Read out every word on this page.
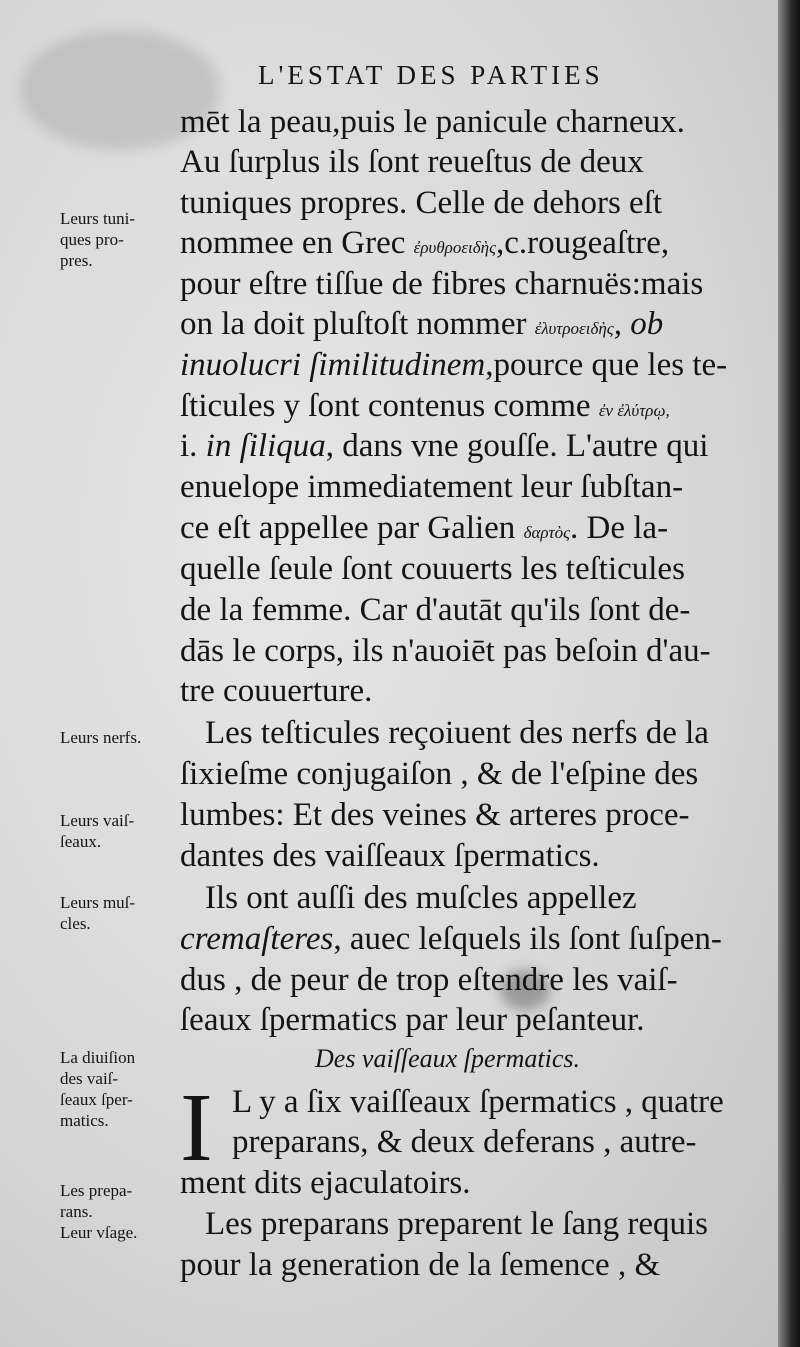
L'ESTAT DES PARTIES
mēt la peau,puis le panicule charneux.
Au ſurplus ils ſont reueſtus de deux
tuniques propres. Celle de dehors eſt
nommee en Grec ἐρυθροειδὴς,c.rougeaſtre,
pour eſtre tiſſue de fibres charnuës:mais
on la doit pluſtoſt nommer ἐλυτροειδὴς, ob
inuolucri ſimilitudinem,pource que les te-
ſticules y ſont contenus comme ἐν ἐλύτρῳ,
i. in ſiliqua, dans vne gouſſe. L'autre qui
enuelope immediatement leur ſubſtan-
ce eſt appellee par Galien δαρτὸς. De la-
quelle ſeule ſont couuerts les teſticules
de la femme. Car d'autāt qu'ils ſont de-
dās le corps, ils n'auoiēt pas beſoin d'au-
tre couuerture.
Les teſticules reçoiuent des nerfs de la
ſixieſme conjugaiſon , & de l'eſpine des
lumbes: Et des veines & arteres proce-
dantes des vaiſſeaux ſpermatics.
Ils ont auſſi des muſcles appellez
cremaſteres, auec leſquels ils ſont ſuſpen-
dus , de peur de trop eſtendre les vaiſ-
ſeaux ſpermatics par leur peſanteur.
Des vaiſſeaux ſpermatics.
I L y a ſix vaiſſeaux ſpermatics , quatre
preparans, & deux deferans , autre-
ment dits ejaculatoirs.
Les preparans preparent le ſang requis
pour la generation de la ſemence , &
Leurs tuni-
ques pro-
pres.
Leurs nerfs.
Leurs vaiſ-
ſeaux.
Leurs muſ-
cles.
La diuiſion
des vaiſ-
ſeaux ſper-
matics.
Les prepa-
rans.
Leur vſage.
